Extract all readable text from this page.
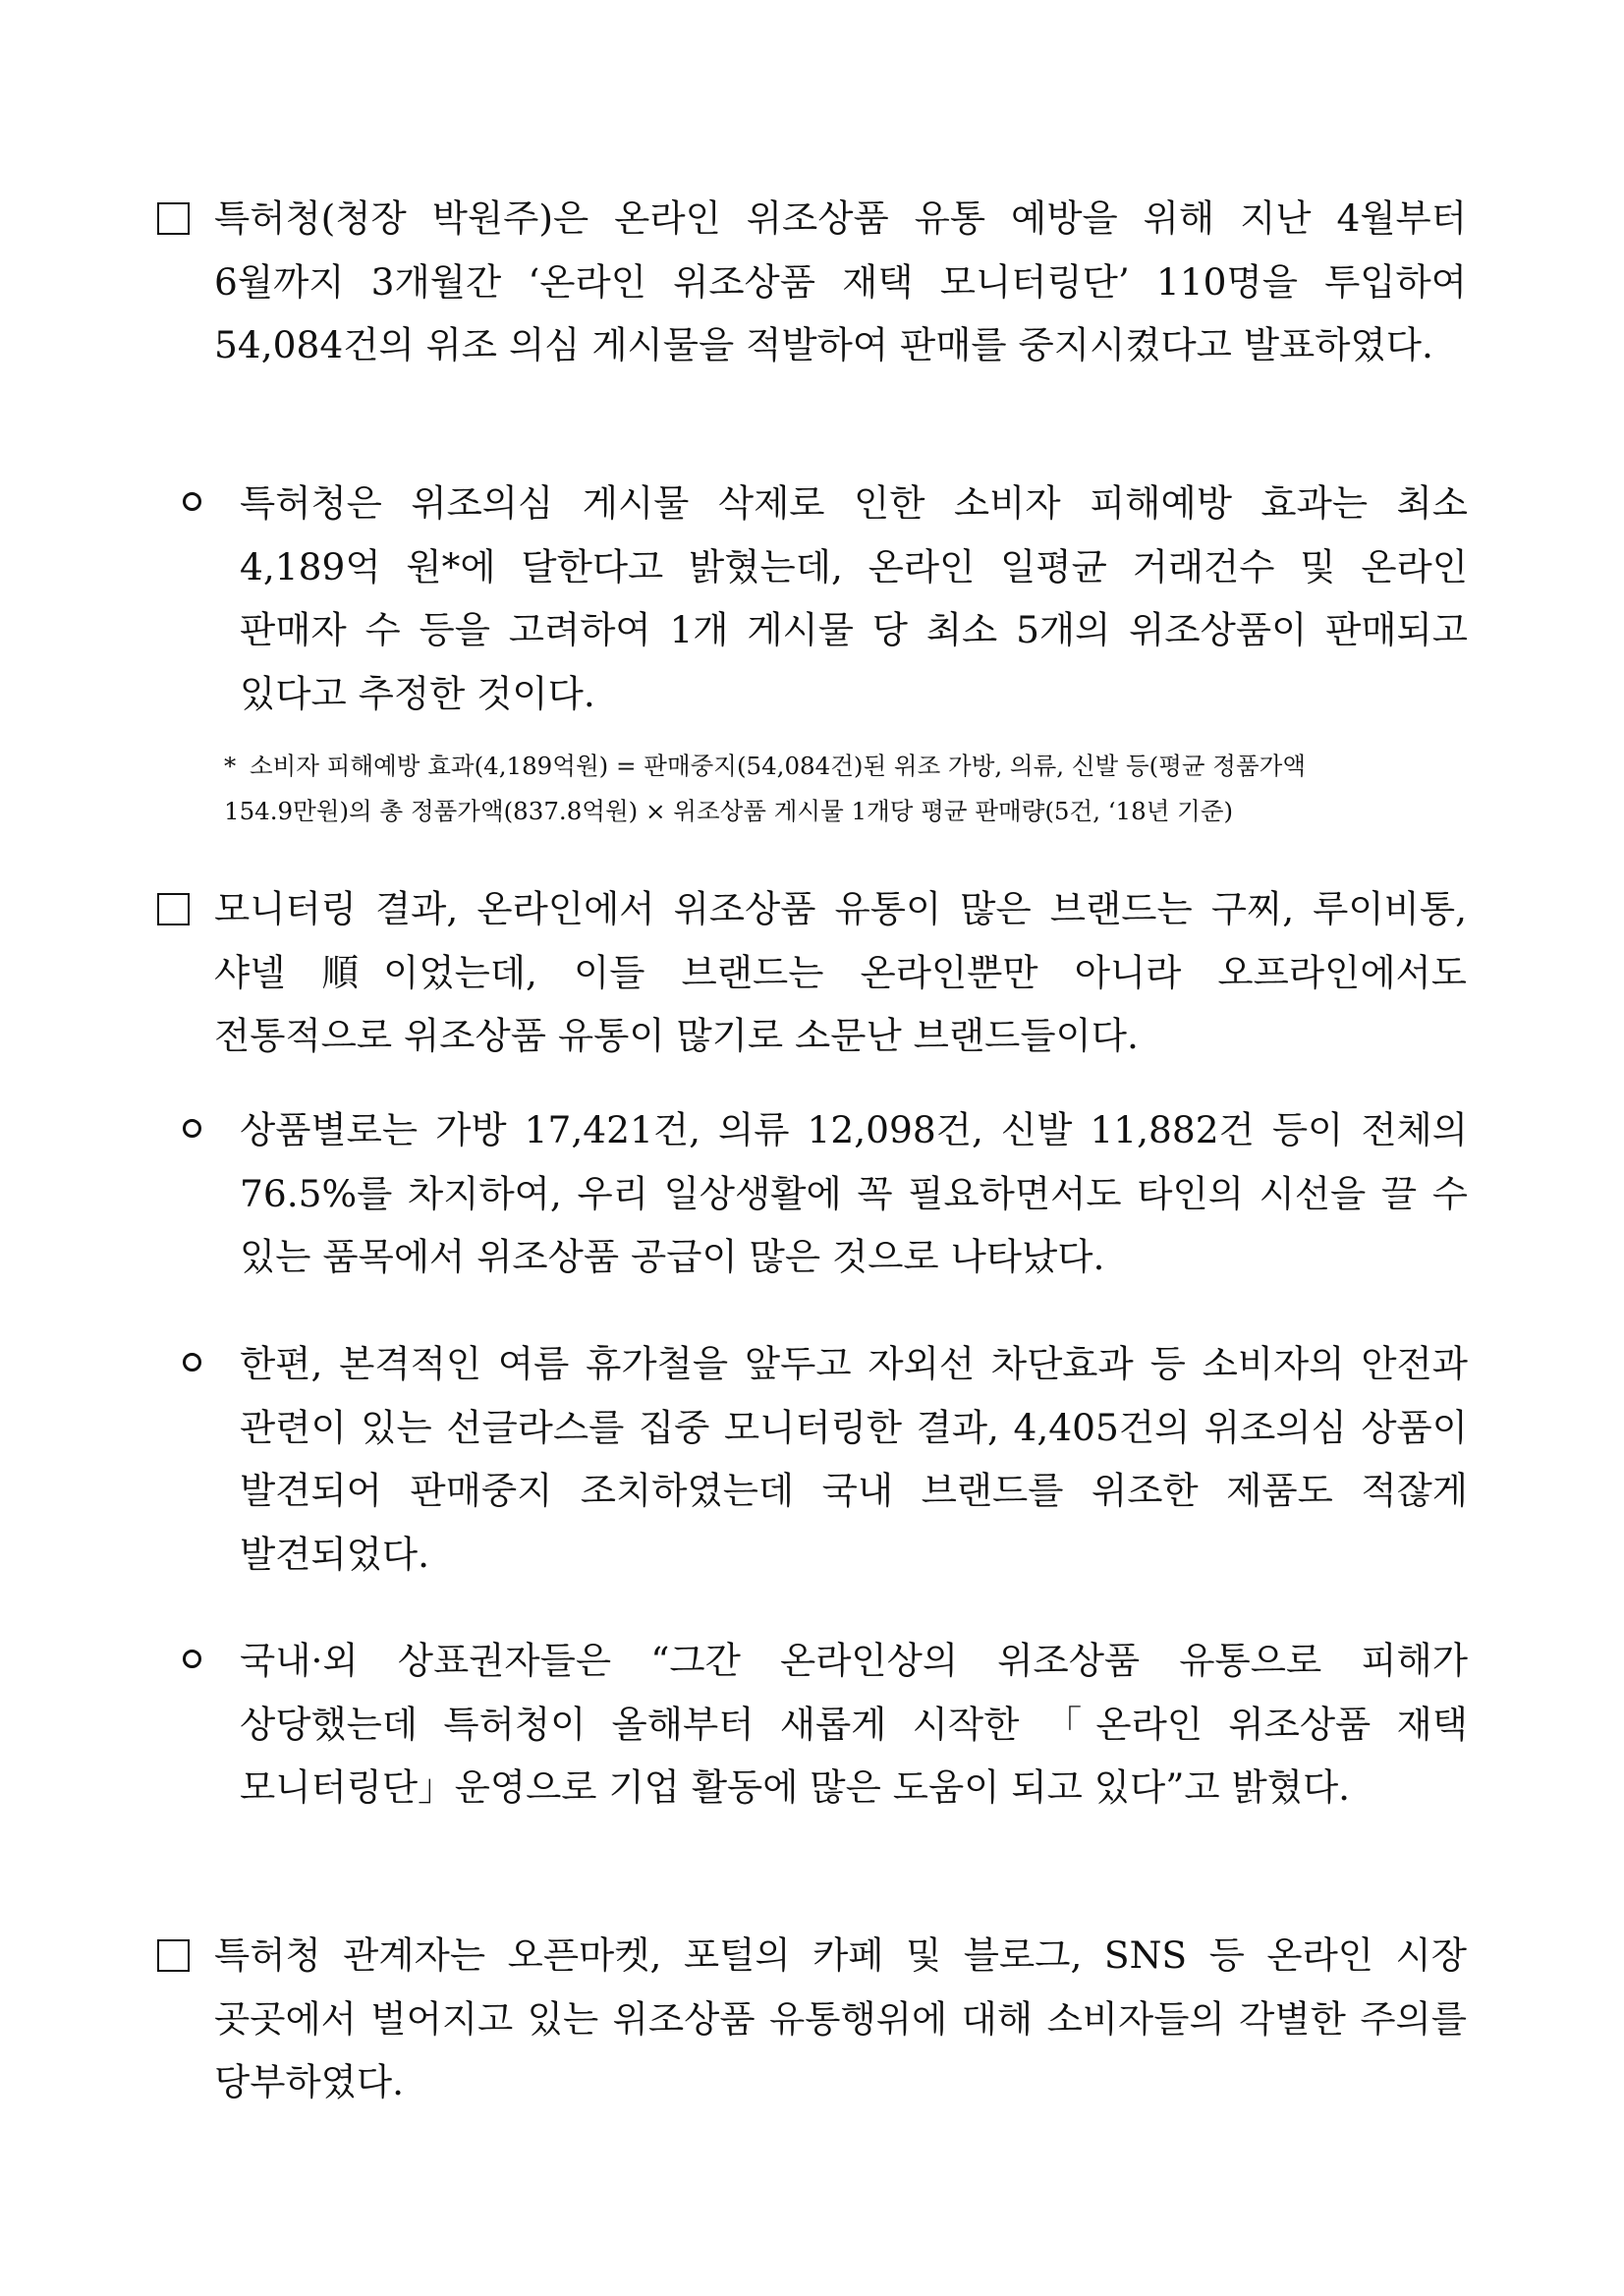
특허청(청장 박원주)은 온라인 위조상품 유통 예방을 위해 지난 4월부터 6월까지 3개월간 ‘온라인 위조상품 재택 모니터링단’ 110명을 투입하여 54,084건의 위조 의심 게시물을 적발하여 판매를 중지시켰다고 발표하였다.

특허청은 위조의심 게시물 삭제로 인한 소비자 피해예방 효과는 최소 4,189억 원*에 달한다고 밝혔는데, 온라인 일평균 거래건수 및 온라인 판매자 수 등을 고려하여 1개 게시물 당 최소 5개의 위조상품이 판매되고 있다고 추정한 것이다.

* 소비자 피해예방 효과(4,189억원) = 판매중지(54,084건)된 위조 가방, 의류, 신발 등(평균 정품가액

154.9만원)의 총 정품가액(837.8억원) × 위조상품 게시물 1개당 평균 판매량(5건, ‘18년 기준)

모니터링 결과, 온라인에서 위조상품 유통이 많은 브랜드는 구찌, 루이비통, 샤넬 順이었는데, 이들 브랜드는 온라인뿐만 아니라 오프라인에서도 전통적으로 위조상품 유통이 많기로 소문난 브랜드들이다.

상품별로는 가방 17,421건, 의류 12,098건, 신발 11,882건 등이 전체의 76.5%를 차지하여, 우리 일상생활에 꼭 필요하면서도 타인의 시선을 끌 수 있는 품목에서 위조상품 공급이 많은 것으로 나타났다.

한편, 본격적인 여름 휴가철을 앞두고 자외선 차단효과 등 소비자의 안전과 관련이 있는 선글라스를 집중 모니터링한 결과, 4,405건의 위조의심 상품이 발견되어 판매중지 조치하였는데 국내 브랜드를 위조한 제품도 적잖게 발견되었다.

국내·외 상표권자들은 “그간 온라인상의 위조상품 유통으로 피해가 상당했는데 특허청이 올해부터 새롭게 시작한 「온라인 위조상품 재택 모니터링단」운영으로 기업 활동에 많은 도움이 되고 있다”고 밝혔다.

특허청 관계자는 오픈마켓, 포털의 카페 및 블로그, SNS 등 온라인 시장 곳곳에서 벌어지고 있는 위조상품 유통행위에 대해 소비자들의 각별한 주의를 당부하였다.
